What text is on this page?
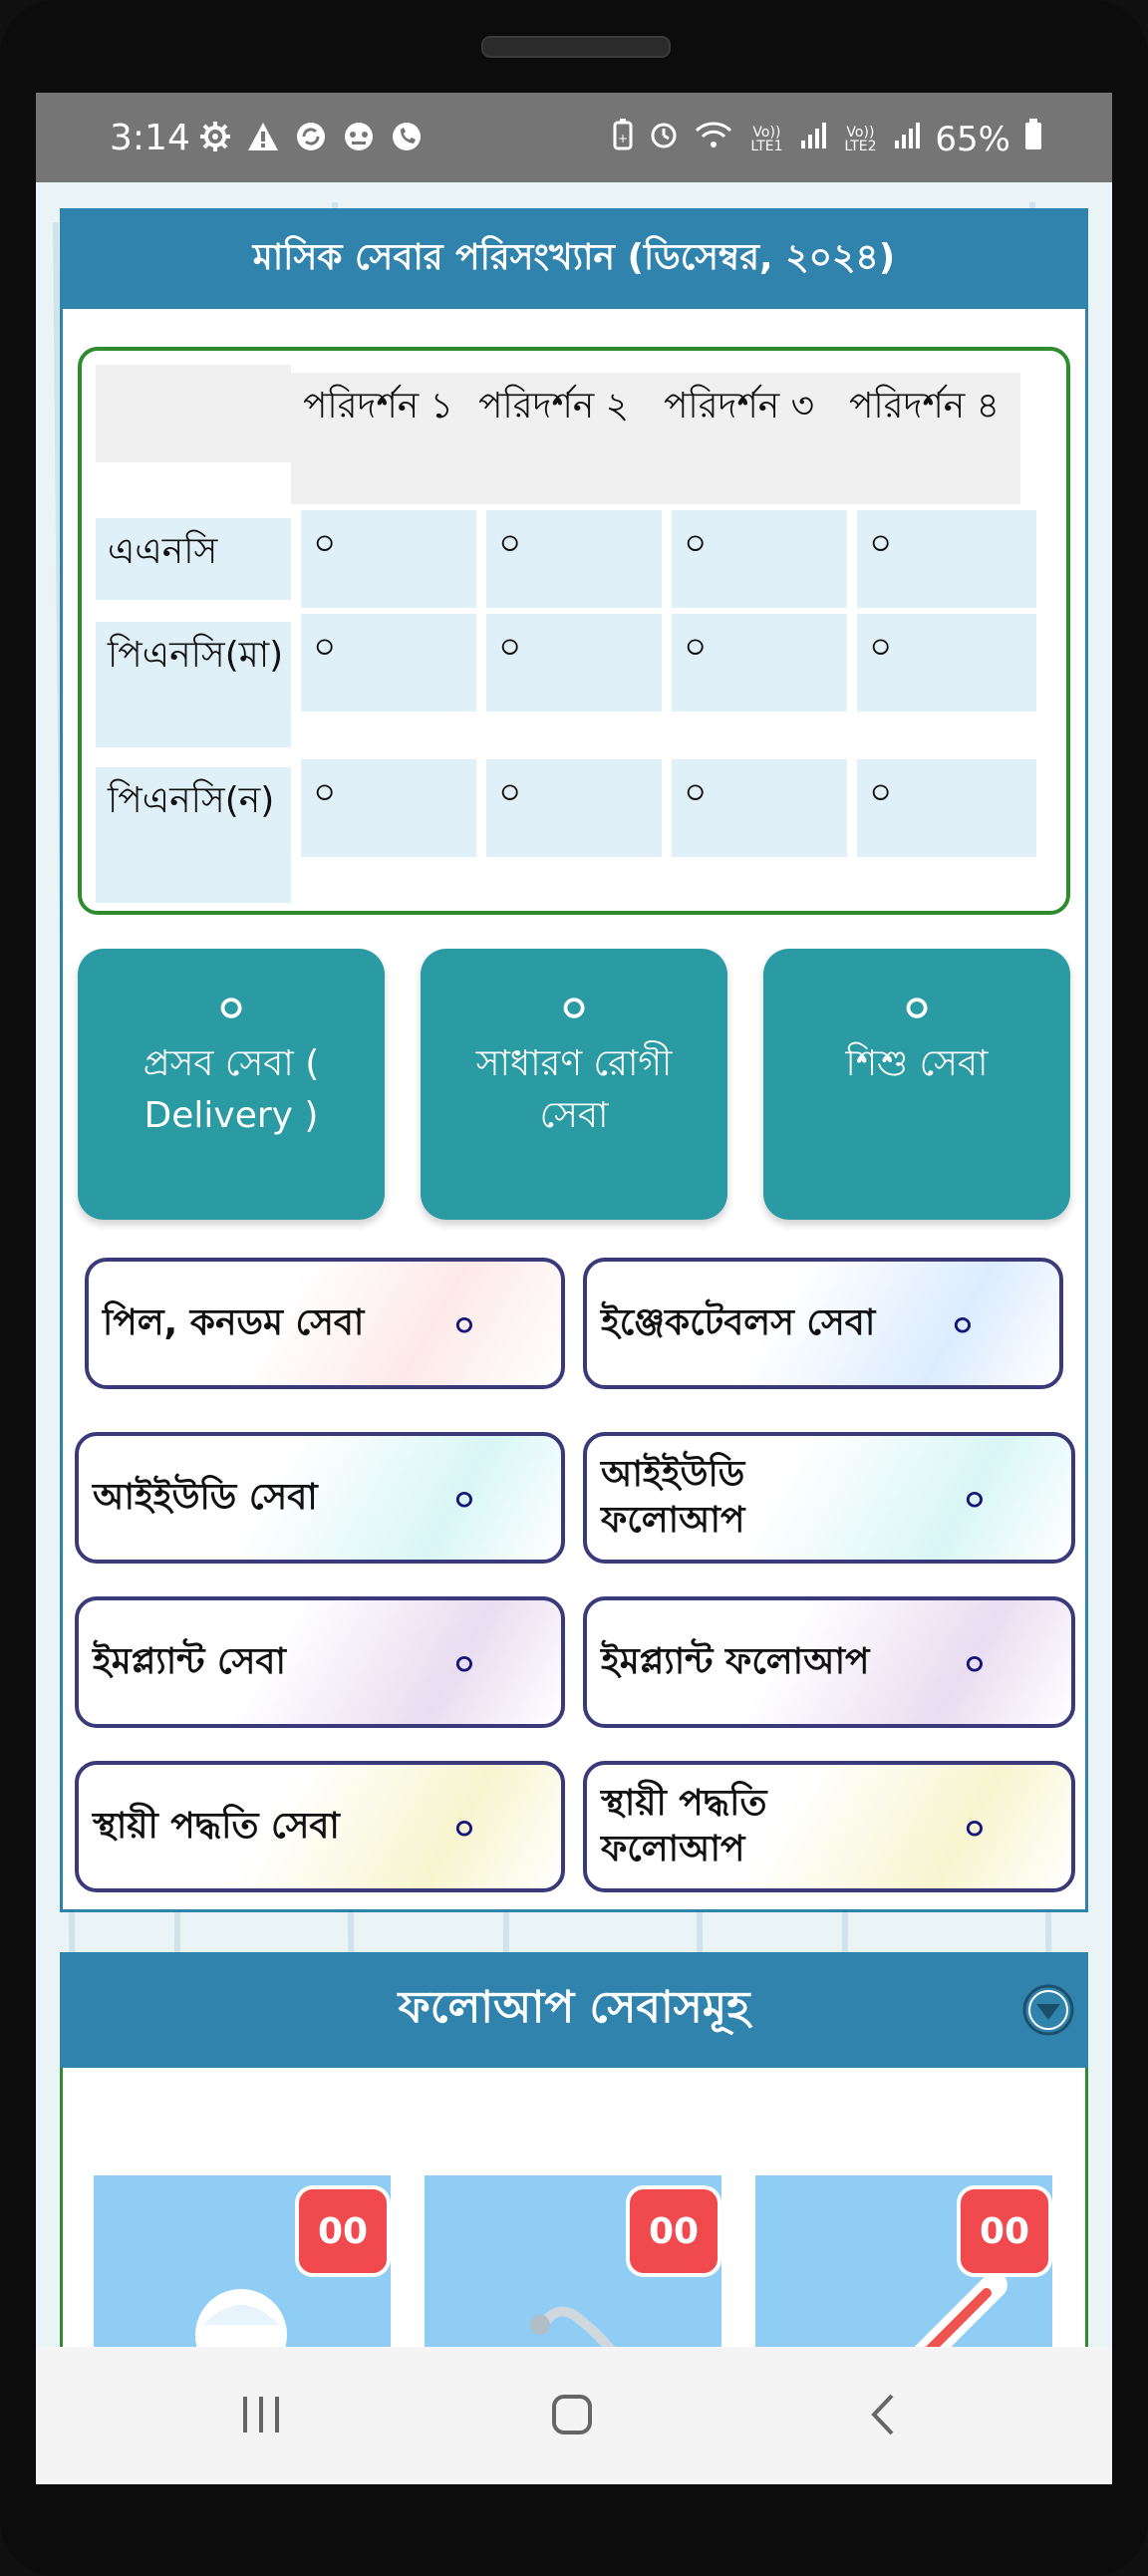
3:14	+	Vo)) LTE1
Vo)) LTE2 65%
মাসিক সেবার পরিসংখ্যান (ডিসেম্বর, ২০২৪)
পরিদর্শন ১ পরিদর্শন ২ পরিদর্শন ৩ পরিদর্শন ৪
এএনসি	০	০	০	০
পিএনসি(মা) ০	০	০	০
পিএনসি(ন)	০	০	০	০
০
প্রসব সেবা ( Delivery )
০
সাধারণ রোগী সেবা
০
শিশু সেবা
পিল, কনডম সেবা	০	ইঞ্জেকটেবলস সেবা	০
আইইউডি সেবা	০
আইইউডি ফলোআপ	০
ইমপ্ল্যান্ট সেবা	০	ইমপ্ল্যান্ট ফলোআপ	০
স্থায়ী পদ্ধতি সেবা	০
স্থায়ী পদ্ধতি ফলোআপ	০
ফলোআপ সেবাসমূহ
00	00	00
